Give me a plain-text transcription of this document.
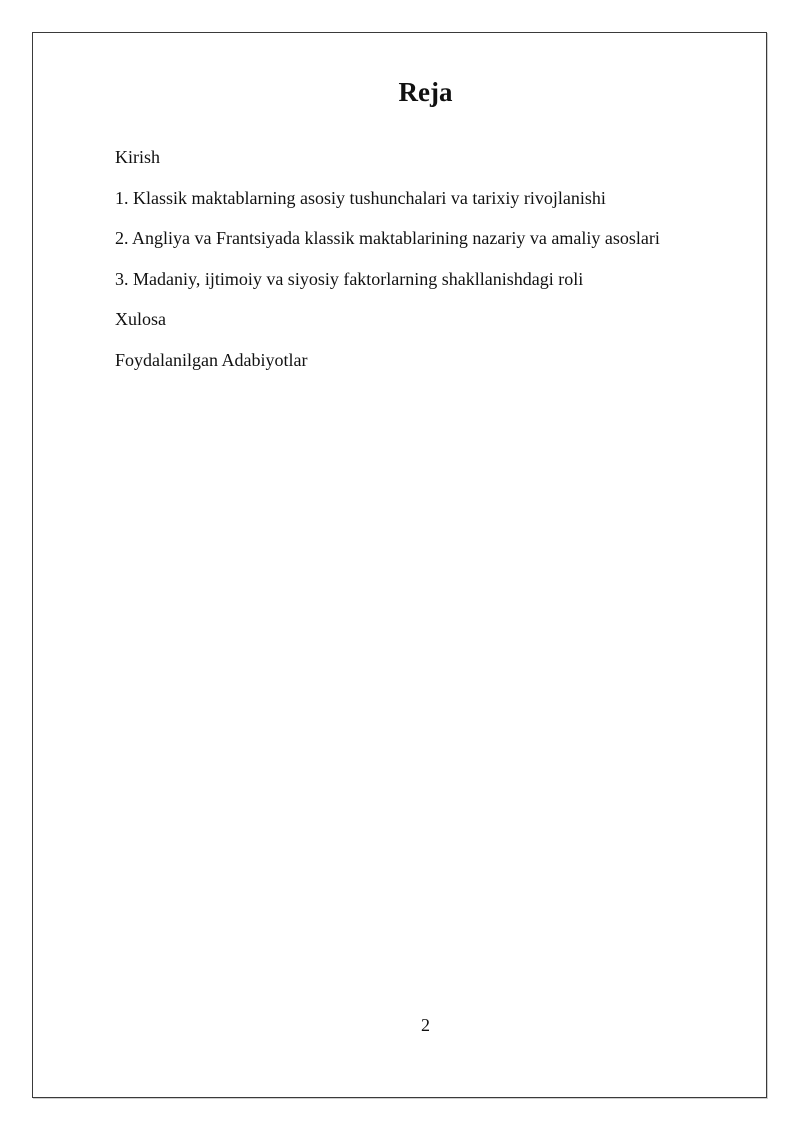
Reja
Kirish
1. Klassik maktablarning asosiy tushunchalari va tarixiy rivojlanishi
2. Angliya va Frantsiyada klassik maktablarining nazariy va amaliy asoslari
3. Madaniy, ijtimoiy va siyosiy faktorlarning shakllanishdagi roli
Xulosa
Foydalanilgan Adabiyotlar
2
